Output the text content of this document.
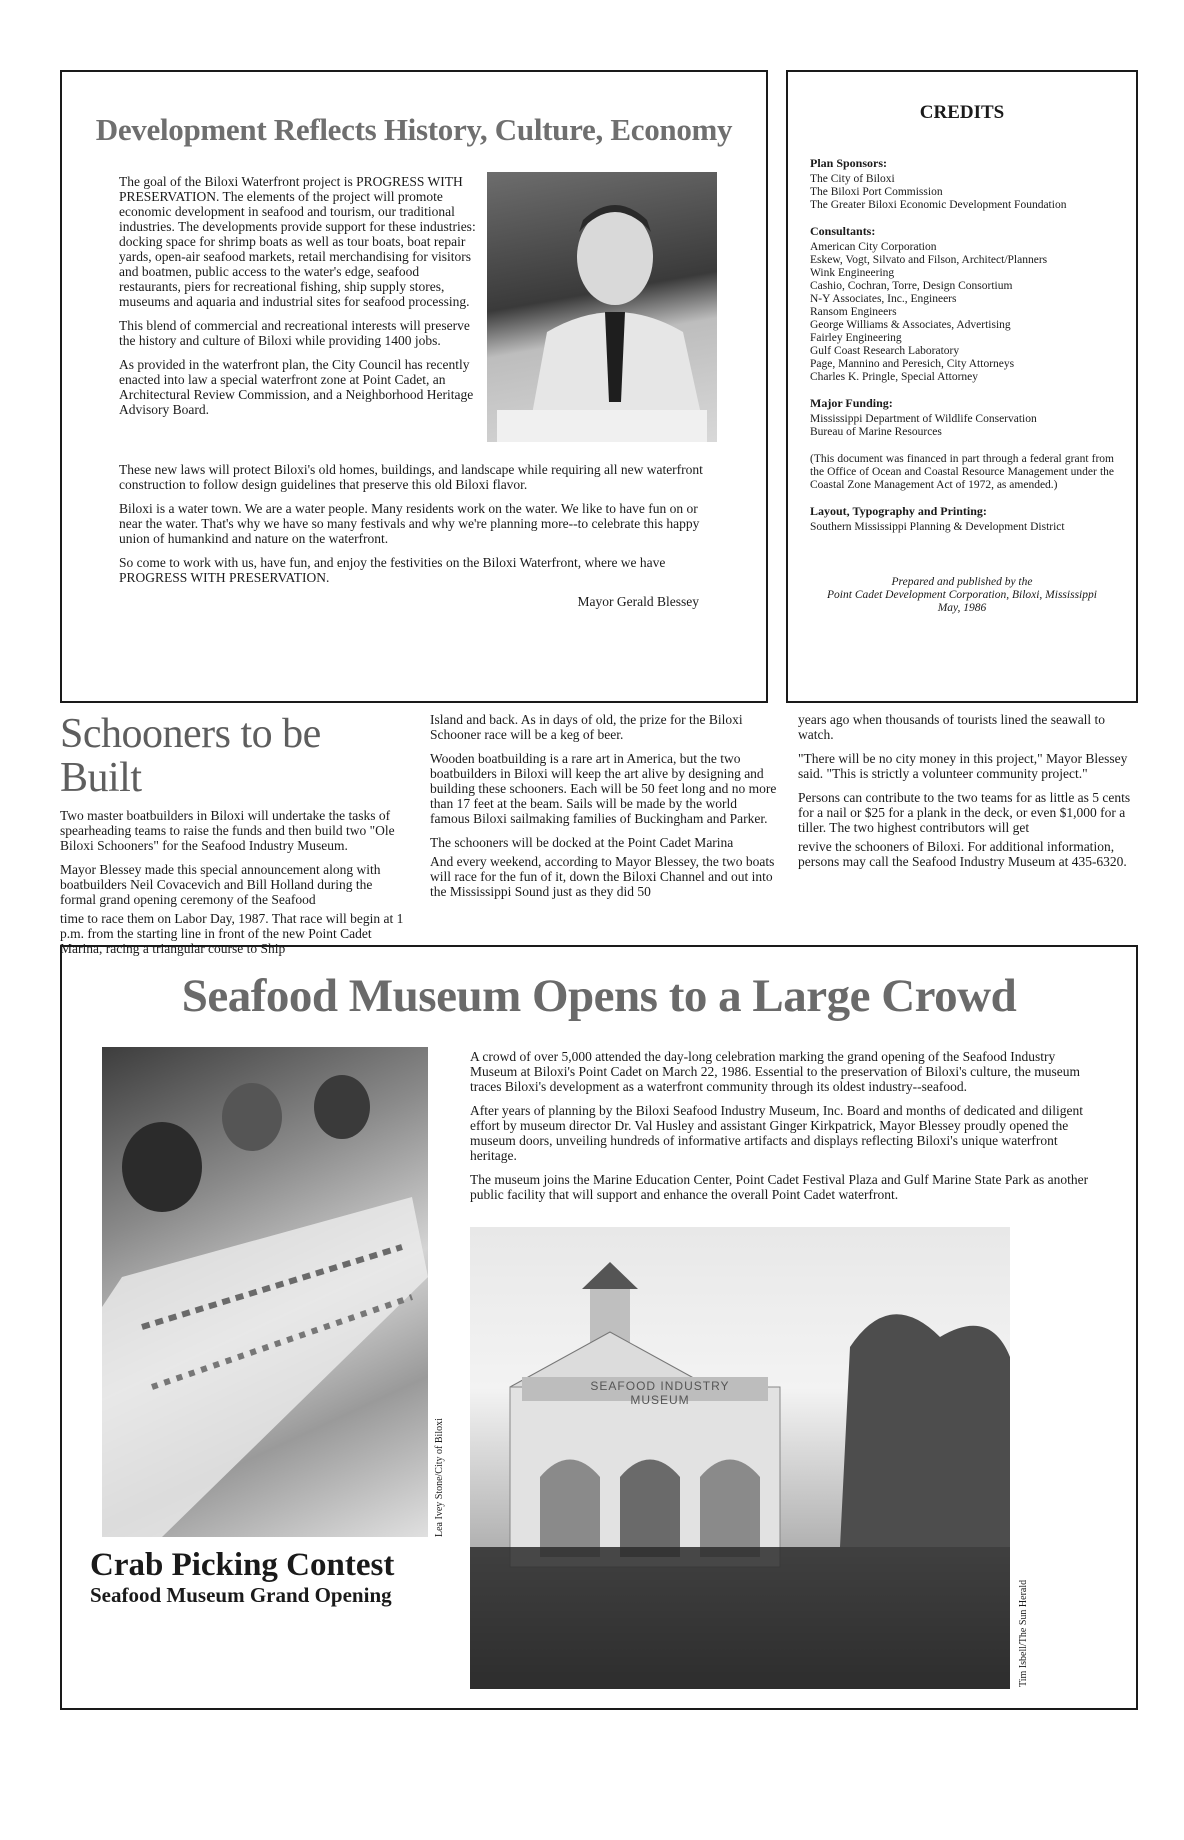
Development Reflects History, Culture, Economy

The goal of the Biloxi Waterfront project is PROGRESS WITH PRESERVATION. The elements of the project will promote economic development in seafood and tourism, our traditional industries. The developments provide support for these industries: docking space for shrimp boats as well as tour boats, boat repair yards, open-air seafood markets, retail merchandising for visitors and boatmen, public access to the water's edge, seafood restaurants, piers for recreational fishing, ship supply stores, museums and aquaria and industrial sites for seafood processing.

This blend of commercial and recreational interests will preserve the history and culture of Biloxi while providing 1400 jobs.

As provided in the waterfront plan, the City Council has recently enacted into law a special waterfront zone at Point Cadet, an Architectural Review Commission, and a Neighborhood Heritage Advisory Board.

These new laws will protect Biloxi's old homes, buildings, and landscape while requiring all new waterfront construction to follow design guidelines that preserve this old Biloxi flavor.

Biloxi is a water town. We are a water people. Many residents work on the water. We like to have fun on or near the water. That's why we have so many festivals and why we're planning more--to celebrate this happy union of humankind and nature on the waterfront.

So come to work with us, have fun, and enjoy the festivities on the Biloxi Waterfront, where we have PROGRESS WITH PRESERVATION.

Mayor Gerald Blessey

CREDITS
Plan Sponsors:
The City of Biloxi
The Biloxi Port Commission
The Greater Biloxi Economic Development Foundation
Consultants:
American City Corporation
Eskew, Vogt, Silvato and Filson, Architect/Planners
Wink Engineering
Cashio, Cochran, Torre, Design Consortium
N-Y Associates, Inc., Engineers
Ransom Engineers
George Williams & Associates, Advertising
Fairley Engineering
Gulf Coast Research Laboratory
Page, Mannino and Peresich, City Attorneys
Charles K. Pringle, Special Attorney
Major Funding:
Mississippi Department of Wildlife Conservation
Bureau of Marine Resources
(This document was financed in part through a federal grant from the Office of Ocean and Coastal Resource Management under the Coastal Zone Management Act of 1972, as amended.)
Layout, Typography and Printing:
Southern Mississippi Planning & Development District
Prepared and published by the
Point Cadet Development Corporation, Biloxi, Mississippi
May, 1986
Schooners to be Built

Two master boatbuilders in Biloxi will undertake the tasks of spearheading teams to raise the funds and then build two "Ole Biloxi Schooners" for the Seafood Industry Museum.

Mayor Blessey made this special announcement along with boatbuilders Neil Covacevich and Bill Holland during the formal grand opening ceremony of the Seafood

time to race them on Labor Day, 1987. That race will begin at 1 p.m. from the starting line in front of the new Point Cadet Marina, racing a triangular course to Ship

Island and back. As in days of old, the prize for the Biloxi Schooner race will be a keg of beer.

Wooden boatbuilding is a rare art in America, but the two boatbuilders in Biloxi will keep the art alive by designing and building these schooners. Each will be 50 feet long and no more than 17 feet at the beam. Sails will be made by the world famous Biloxi sailmaking families of Buckingham and Parker.

The schooners will be docked at the Point Cadet Marina

And every weekend, according to Mayor Blessey, the two boats will race for the fun of it, down the Biloxi Channel and out into the Mississippi Sound just as they did 50

years ago when thousands of tourists lined the seawall to watch.

"There will be no city money in this project," Mayor Blessey said. "This is strictly a volunteer community project."

Persons can contribute to the two teams for as little as 5 cents for a nail or $25 for a plank in the deck, or even $1,000 for a tiller. The two highest contributors will get

revive the schooners of Biloxi. For additional information, persons may call the Seafood Industry Museum at 435-6320.

Seafood Museum Opens to a Large Crowd
Lea Ivey Stone/City of Biloxi
Crab Picking Contest
Seafood Museum Grand Opening

A crowd of over 5,000 attended the day-long celebration marking the grand opening of the Seafood Industry Museum at Biloxi's Point Cadet on March 22, 1986. Essential to the preservation of Biloxi's culture, the museum traces Biloxi's development as a waterfront community through its oldest industry--seafood.

After years of planning by the Biloxi Seafood Industry Museum, Inc. Board and months of dedicated and diligent effort by museum director Dr. Val Husley and assistant Ginger Kirkpatrick, Mayor Blessey proudly opened the museum doors, unveiling hundreds of informative artifacts and displays reflecting Biloxi's unique waterfront heritage.

The museum joins the Marine Education Center, Point Cadet Festival Plaza and Gulf Marine State Park as another public facility that will support and enhance the overall Point Cadet waterfront.

SEAFOOD INDUSTRY MUSEUM
Tim Isbell/The Sun Herald
